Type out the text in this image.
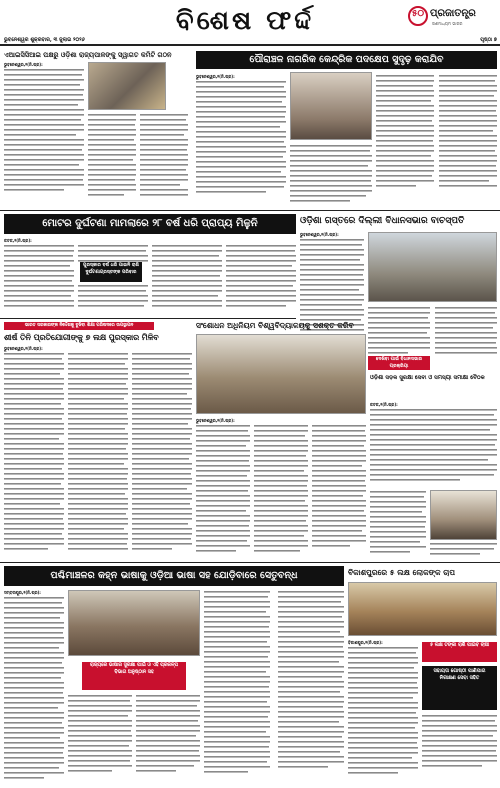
ବିଶେଷ ଫର୍ଦ୍ଦ	୫୦ ପ୍ରଜାତନ୍ତ୍ର
ଗଣମାଧ୍ୟମ ଭାଗର
ଭୁବନେଶ୍ୱର ଶୁକ୍ରବାର, ୩ ଜୁଲାଇ ୨୦୨୬	ପୃଷ୍ଠା ୭
ଏଆଇସିସିଆଇ ପକ୍ଷରୁ ଓଡ଼ିଶା ରାଜ୍ୟପାଳଙ୍କୁ ସ୍ୱାଗତ କମିଟି ଗଠନ
ଭୁବନେଶ୍ୱର,୨(ନି.ପ୍ର):	ପୌରାଞ୍ଚଳ ନାଗରିକ କେନ୍ଦ୍ରିକ ପଦକ୍ଷେପ ସୁଦୃଢ଼ କରାଯିବ
ଭୁବନେଶ୍ୱର,୨(ନି.ପ୍ର):
ମୋଟର ଦୁର୍ଘଟଣା ମାମଲାରେ ୨୮ ବର୍ଷ ଧରି ପ୍ରାପ୍ୟ ମିଳୁନି
କଟକ,୨(ନି.ପ୍ର):
ପୁରସ୍କାର ବର୍ଷ ଧରି ପାଇନି ରାଶି ଦୁର୍ଘଟଣାଗ୍ରସ୍ତଙ୍କ ପରିବାର
ଓଡ଼ିଶା ଗସ୍ତରେ ଦିଲ୍ଲୀ ବିଧାନସଭାର ବାଚସ୍ପତି
ଭୁବନେଶ୍ୱର,୨(ନି.ପ୍ର):
ଦେଖିବା ପାଇଁ ବିଧାନସଭାର ପ୍ରକ୍ରିୟା
ଭାରତ ସରକାରଙ୍କ ନିର୍ଦ୍ଦେଶକୁ ବୁଝିବା ଶିକ୍ଷା ପରିଷଦରେ ଉପସ୍ଥାପନ
ଶୀର୍ଷ ତିନି ପ୍ରତିଯୋଗୀଙ୍କୁ ୭ ଲକ୍ଷ ପୁରସ୍କାର ମିଳିବ
ଭୁବନେଶ୍ୱର,୨(ନି.ପ୍ର):
ସଂଶୋଧନ ଅଧିନିୟମ ବିଶ୍ୱବିଦ୍ୟାଳୟକୁ ସଶକ୍ତ କରିବ
ଭୁବନେଶ୍ୱର,୨(ନି.ପ୍ର):
ଓଡ଼ିଶା ସଡ଼କ ସୁରକ୍ଷା ସେବା ଓ ସମସ୍ୟା ସମୀକ୍ଷା ବୈଠକ
କଟକ,୨(ନି.ପ୍ର):
ପଶ୍ଚିମାଞ୍ଚଳର କହ୍ନ ଭାଷାକୁ ଓଡ଼ିଆ ଭାଷା ସହ ଯୋଡ଼ିବାରେ ସେତୁବନ୍ଧ
ସମ୍ବଲପୁର,୨(ନି.ପ୍ର):
ରାଜ୍ୟରେ ଭାଷାର ସୁରକ୍ଷା ପାଇଁ ଓ ଏହି ପ୍ରକଳ୍ପ ବିଭାଗ ଅନୁଷ୍ଠାନ ସହ
ବିକାଶପୁରରେ ୫ ଲକ୍ଷ ଲୋକଙ୍କ ଚାପ
ବିକାଶପୁର,୨(ନି.ପ୍ର):
୫ ଲକ୍ଷ ଟଙ୍କା ରାଶି ପାଇବ ଚାଷୀ
ସହାୟତା ଗୋଷ୍ଠୀ ପାଣିପାଗ ନିରୀକ୍ଷଣ ସେବା ସହିତ
